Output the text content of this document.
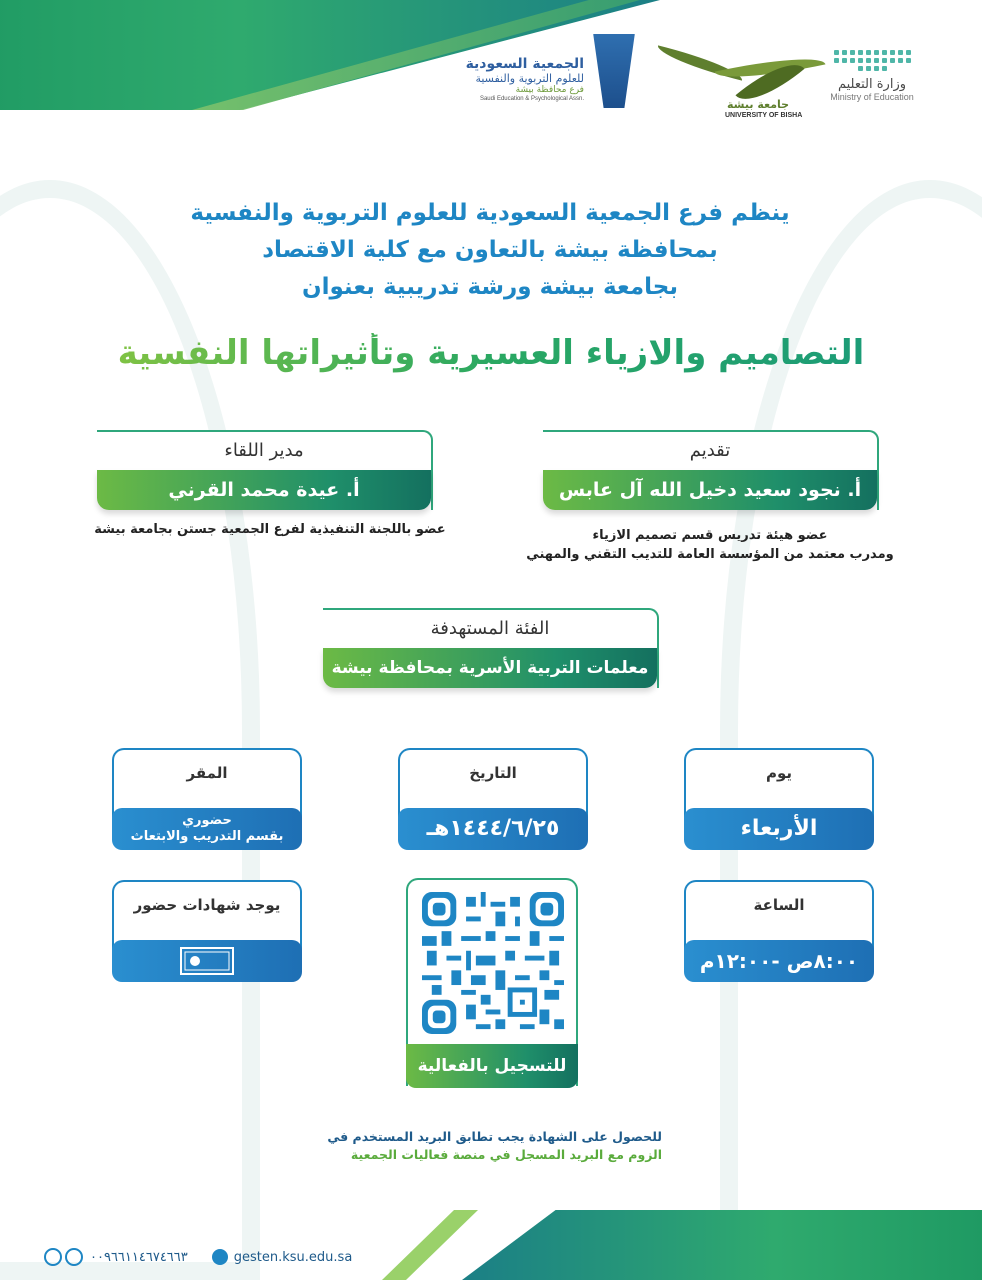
وزارة التعليم
Ministry of Education
جامعة بيشة
UNIVERSITY OF BISHA
الجمعية السعودية
للعلوم التربوية والنفسية
فرع محافظة بيشة
Saudi Education & Psychological Assn.
ينظم فرع الجمعية السعودية للعلوم التربوية والنفسية
بمحافظة بيشة بالتعاون مع كلية الاقتصاد
بجامعة بيشة ورشة تدريبية بعنوان
التصاميم والازياء العسيرية وتأثيراتها النفسية
تقديم
أ. نجود سعيد دخيل الله آل عابس
عضو هيئة تدريس قسم تصميم الازياء
ومدرب معتمد من المؤسسة العامة للتديب التقني والمهني
مدير اللقاء
أ. عيدة محمد القرني
عضو باللجنة التنفيذية لفرع الجمعية جستن بجامعة بيشة
الفئة المستهدفة
معلمات التربية الأسرية بمحافظة بيشة
يوم
الأربعاء
التاريخ
١٤٤٤/٦/٢٥هـ
المقر
حضوري
بقسم التدريب والابتعاث
الساعة
٨:٠٠ص -١٢:٠٠م
يوجد شهادات حضور
للتسجيل بالفعالية
للحصول على الشهادة يجب تطابق البريد المستخدم في
الزوم مع البريد المسجل في منصة فعاليات الجمعية
٠٠٩٦٦١١٤٦٧٤٦٦٣	gesten.ksu.edu.sa
